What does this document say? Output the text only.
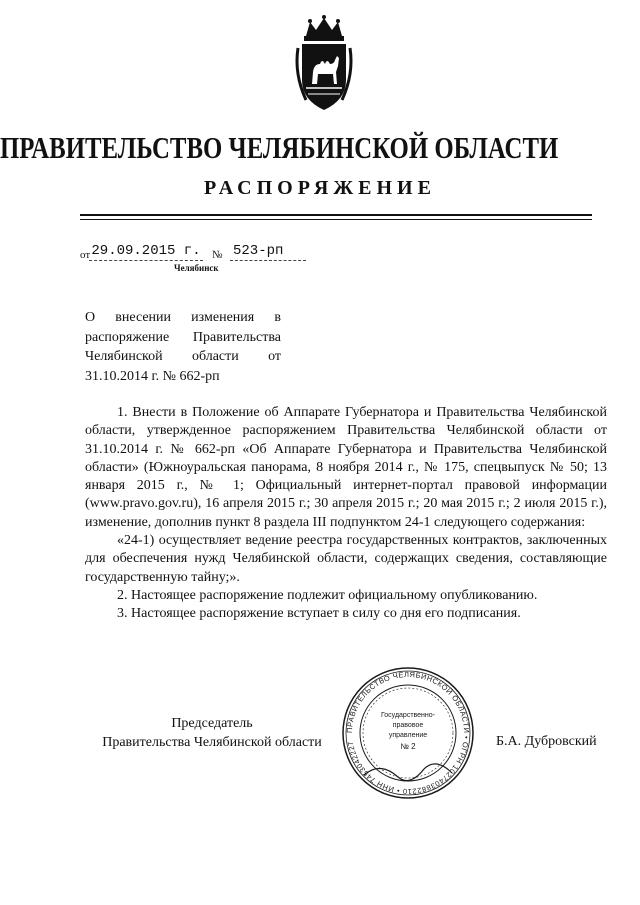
ПРАВИТЕЛЬСТВО ЧЕЛЯБИНСКОЙ ОБЛАСТИ
РАСПОРЯЖЕНИЕ
от 29.09.2015 г. № 523-рп
Челябинск
О внесении изменения в распоряжение Правительства Челябинской области от 31.10.2014 г. № 662-рп

1. Внести в Положение об Аппарате Губернатора и Правительства Челябинской области, утвержденное распоряжением Правительства Челябинской области от 31.10.2014 г. № 662-рп «Об Аппарате Губернатора и Правительства Челябинской области» (Южноуральская панорама, 8 ноября 2014 г., № 175, спецвыпуск № 50; 13 января 2015 г., № 1; Официальный интернет-портал правовой информации (www.pravo.gov.ru), 16 апреля 2015 г.; 30 апреля 2015 г.; 20 мая 2015 г.; 2 июля 2015 г.), изменение, дополнив пункт 8 раздела III подпунктом 24-1 следующего содержания:

«24-1) осуществляет ведение реестра государственных контрактов, заключенных для обеспечения нужд Челябинской области, содержащих сведения, составляющие государственную тайну;».

2. Настоящее распоряжение подлежит официальному опубликованию.

3. Настоящее распоряжение вступает в силу со дня его подписания.

Председатель
Правительства Челябинской области	Б.А. Дубровский
ПРАВИТЕЛЬСТВО ЧЕЛЯБИНСКОЙ ОБЛАСТИ • ОГРН 1027403882210 • ИНН 7453042227
Государственно-
правовое
управление
№ 2
